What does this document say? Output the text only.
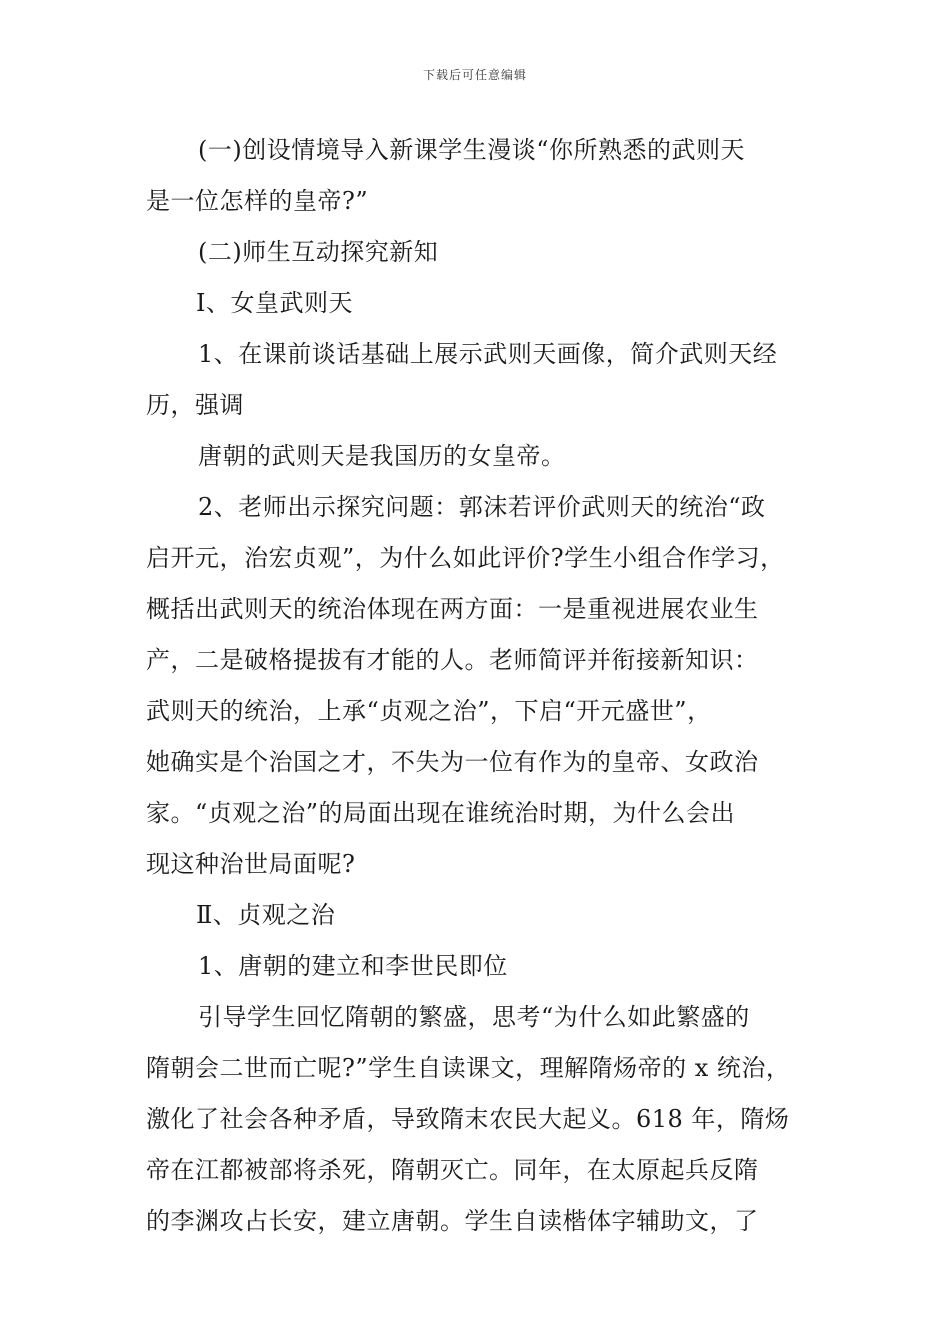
下载后可任意编辑
(一)创设情境导入新课学生漫谈“你所熟悉的武则天
是一位怎样的皇帝?”
(二)师生互动探究新知
Ⅰ、女皇武则天
1、在课前谈话基础上展示武则天画像，简介武则天经
历，强调
唐朝的武则天是我国历的女皇帝。
2、老师出示探究问题：郭沫若评价武则天的统治“政
启开元，治宏贞观”，为什么如此评价?学生小组合作学习，
概括出武则天的统治体现在两方面：一是重视进展农业生
产，二是破格提拔有才能的人。老师简评并衔接新知识：
武则天的统治，上承“贞观之治”，下启“开元盛世”，
她确实是个治国之才，不失为一位有作为的皇帝、女政治
家。“贞观之治”的局面出现在谁统治时期，为什么会出
现这种治世局面呢?
Ⅱ、贞观之治
1、唐朝的建立和李世民即位
引导学生回忆隋朝的繁盛，思考“为什么如此繁盛的
隋朝会二世而亡呢?”学生自读课文，理解隋炀帝的 x 统治，
激化了社会各种矛盾，导致隋末农民大起义。618 年，隋炀
帝在江都被部将杀死，隋朝灭亡。同年，在太原起兵反隋
的李渊攻占长安，建立唐朝。学生自读楷体字辅助文，了
